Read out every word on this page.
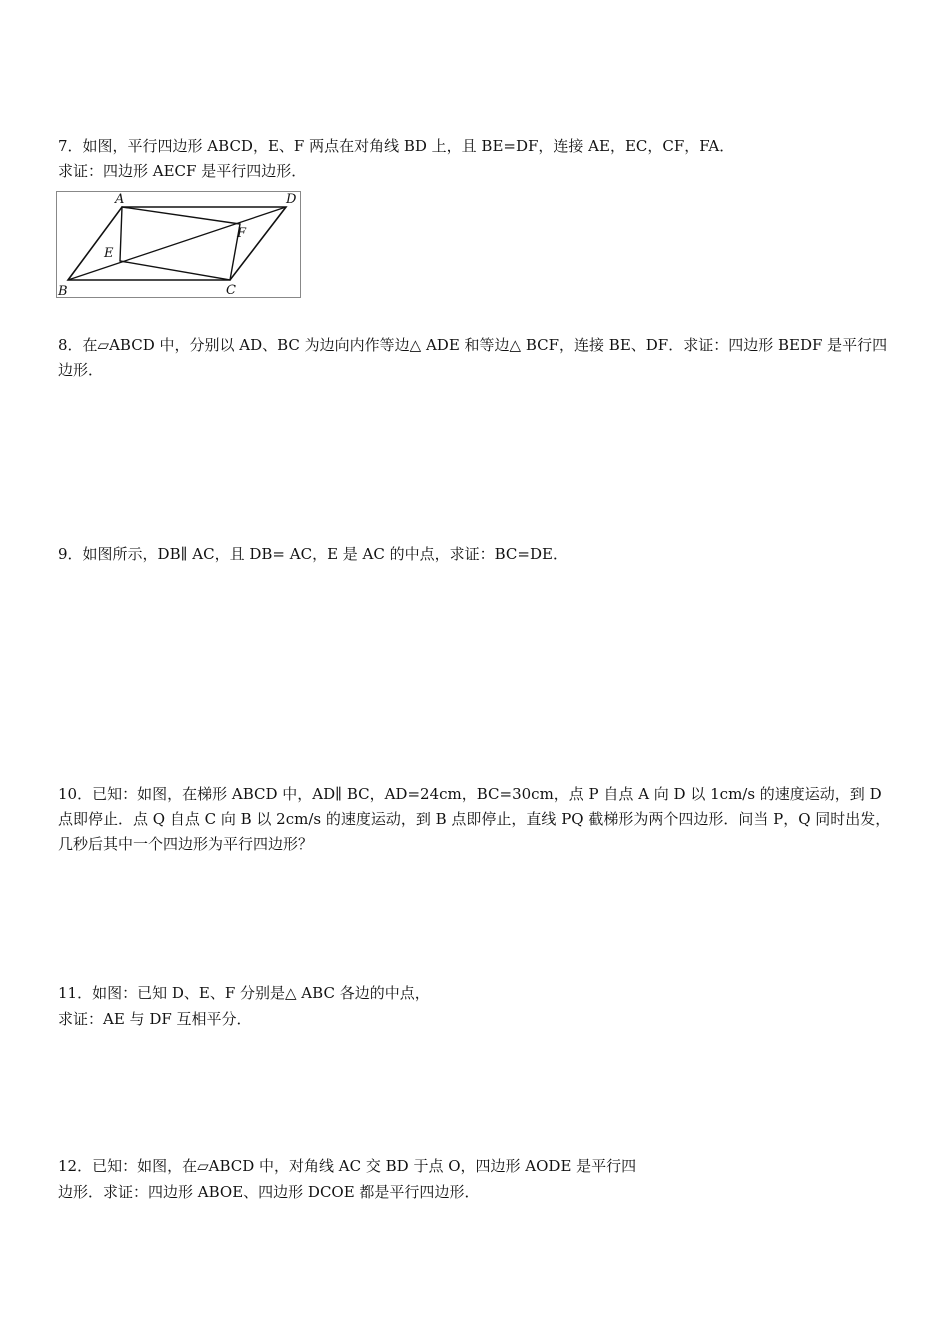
7．如图，平行四边形 ABCD，E、F 两点在对角线 BD 上，且 BE=DF，连接 AE，EC，CF，FA．
求证：四边形 AECF 是平行四边形．
A	D
B	C
E
F
8．在▱ABCD 中，分别以 AD、BC 为边向内作等边△ ADE 和等边△ BCF，连接 BE、DF．求证：四边形 BEDF 是平行四边形．
9．如图所示，DB∥ AC，且 DB= AC，E 是 AC 的中点，求证：BC=DE．
10．已知：如图，在梯形 ABCD 中，AD∥ BC，AD=24cm，BC=30cm，点 P 自点 A 向 D 以 1cm/s 的速度运动，到 D 点即停止．点 Q 自点 C 向 B 以 2cm/s 的速度运动，到 B 点即停止，直线 PQ 截梯形为两个四边形．问当 P，Q 同时出发，几秒后其中一个四边形为平行四边形？
11．如图：已知 D、E、F 分别是△ ABC 各边的中点，
求证：AE 与 DF 互相平分．
12．已知：如图，在▱ABCD 中，对角线 AC 交 BD 于点 O，四边形 AODE 是平行四
边形．求证：四边形 ABOE、四边形 DCOE 都是平行四边形．
